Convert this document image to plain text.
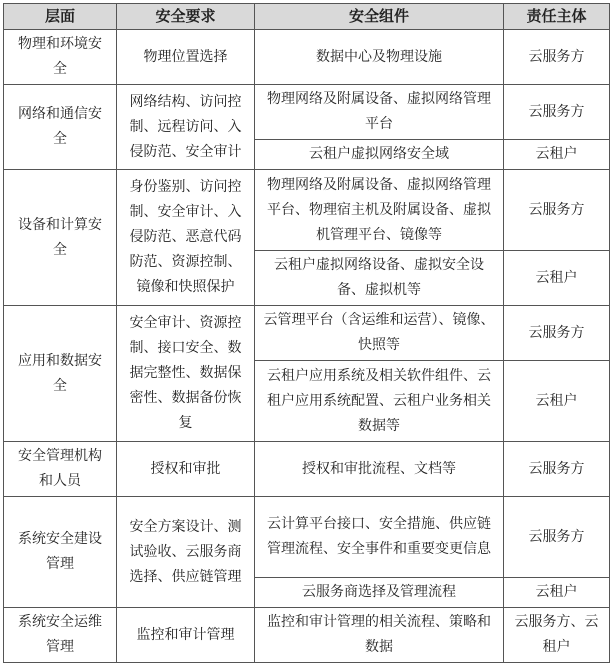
层面	安全要求	安全组件	责任主体
物理和环境安全	物理位置选择	数据中心及物理设施	云服务方
网络和通信安全	网络结构、访问控制、远程访问、入侵防范、安全审计	物理网络及附属设备、虚拟网络管理平台	云服务方
		云租户虚拟网络安全域	云租户
设备和计算安全	身份鉴别、访问控制、安全审计、入侵防范、恶意代码防范、资源控制、镜像和快照保护	物理网络及附属设备、虚拟网络管理平台、物理宿主机及附属设备、虚拟机管理平台、镜像等	云服务方
		云租户虚拟网络设备、虚拟安全设备、虚拟机等	云租户
应用和数据安全	安全审计、资源控制、接口安全、数据完整性、数据保密性、数据备份恢复	云管理平台（含运维和运营）、镜像、快照等	云服务方
		云租户应用系统及相关软件组件、云租户应用系统配置、云租户业务相关数据等	云租户
安全管理机构和人员	授权和审批	授权和审批流程、文档等	云服务方
系统安全建设管理	安全方案设计、测试验收、云服务商选择、供应链管理	云计算平台接口、安全措施、供应链管理流程、安全事件和重要变更信息	云服务方
		云服务商选择及管理流程	云租户
系统安全运维管理	监控和审计管理	监控和审计管理的相关流程、策略和数据	云服务方、云租户
